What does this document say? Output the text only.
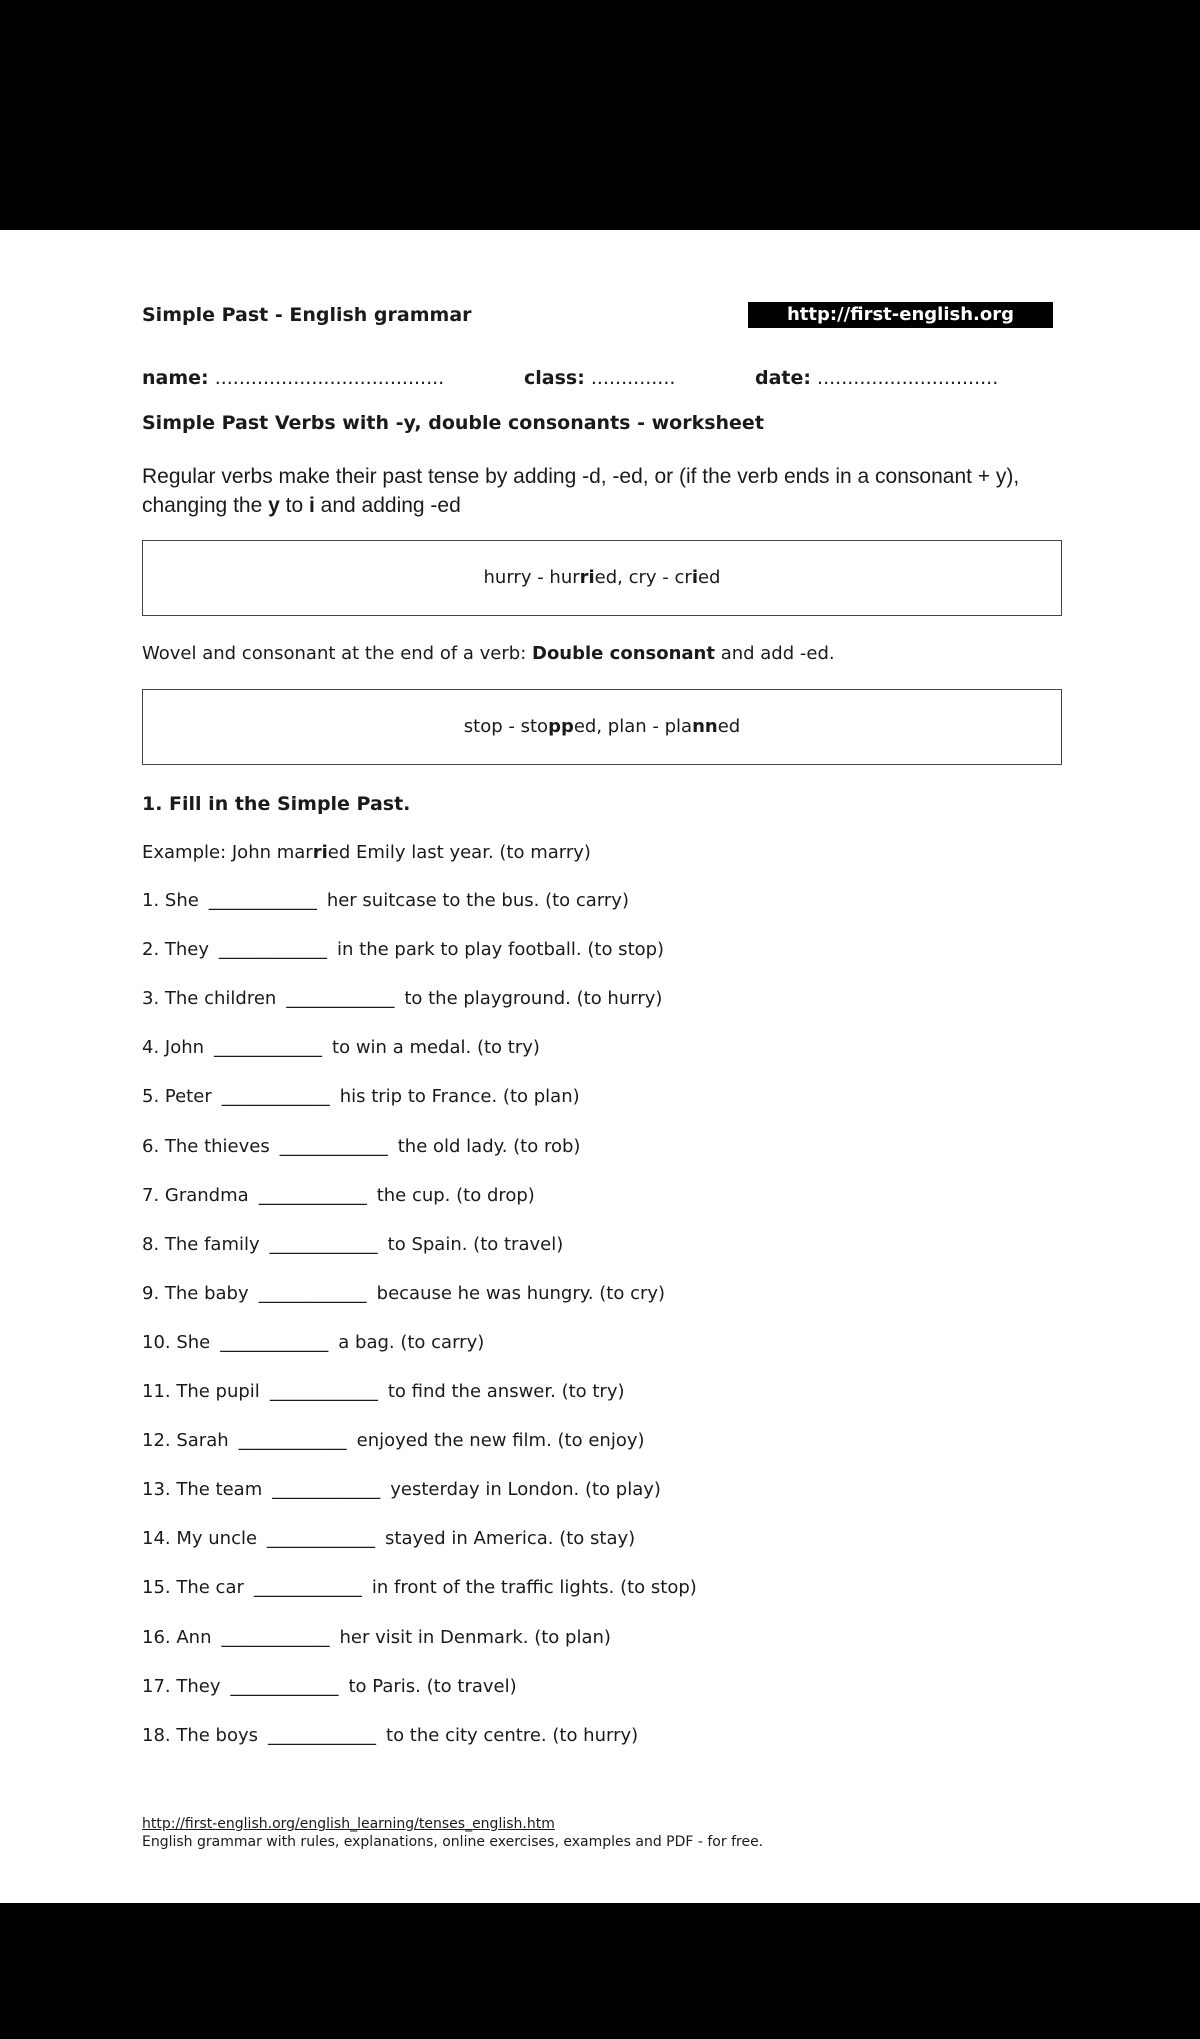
Simple Past - English grammar	http://first-english.org
name: ......................................	class: ..............	date: ..............................
Simple Past Verbs with -y, double consonants - worksheet
Regular verbs make their past tense by adding -d, -ed, or (if the verb ends in a consonant + y), changing the y to i and adding -ed
hurry - hurried, cry - cried
Wovel and consonant at the end of a verb: Double consonant and add -ed.
stop - stopped, plan - planned
1. Fill in the Simple Past.
Example: John married Emily last year. (to marry)
1. She ____________ her suitcase to the bus. (to carry)
2. They ____________ in the park to play football. (to stop)
3. The children ____________ to the playground. (to hurry)
4. John ____________ to win a medal. (to try)
5. Peter ____________ his trip to France. (to plan)
6. The thieves ____________ the old lady. (to rob)
7. Grandma ____________ the cup. (to drop)
8. The family ____________ to Spain. (to travel)
9. The baby ____________ because he was hungry. (to cry)
10. She ____________ a bag. (to carry)
11. The pupil ____________ to find the answer. (to try)
12. Sarah ____________ enjoyed the new film. (to enjoy)
13. The team ____________ yesterday in London. (to play)
14. My uncle ____________ stayed in America. (to stay)
15. The car ____________ in front of the traffic lights. (to stop)
16. Ann ____________ her visit in Denmark. (to plan)
17. They ____________ to Paris. (to travel)
18. The boys ____________ to the city centre. (to hurry)
http://first-english.org/english_learning/tenses_english.htm
English grammar with rules, explanations, online exercises, examples and PDF - for free.
